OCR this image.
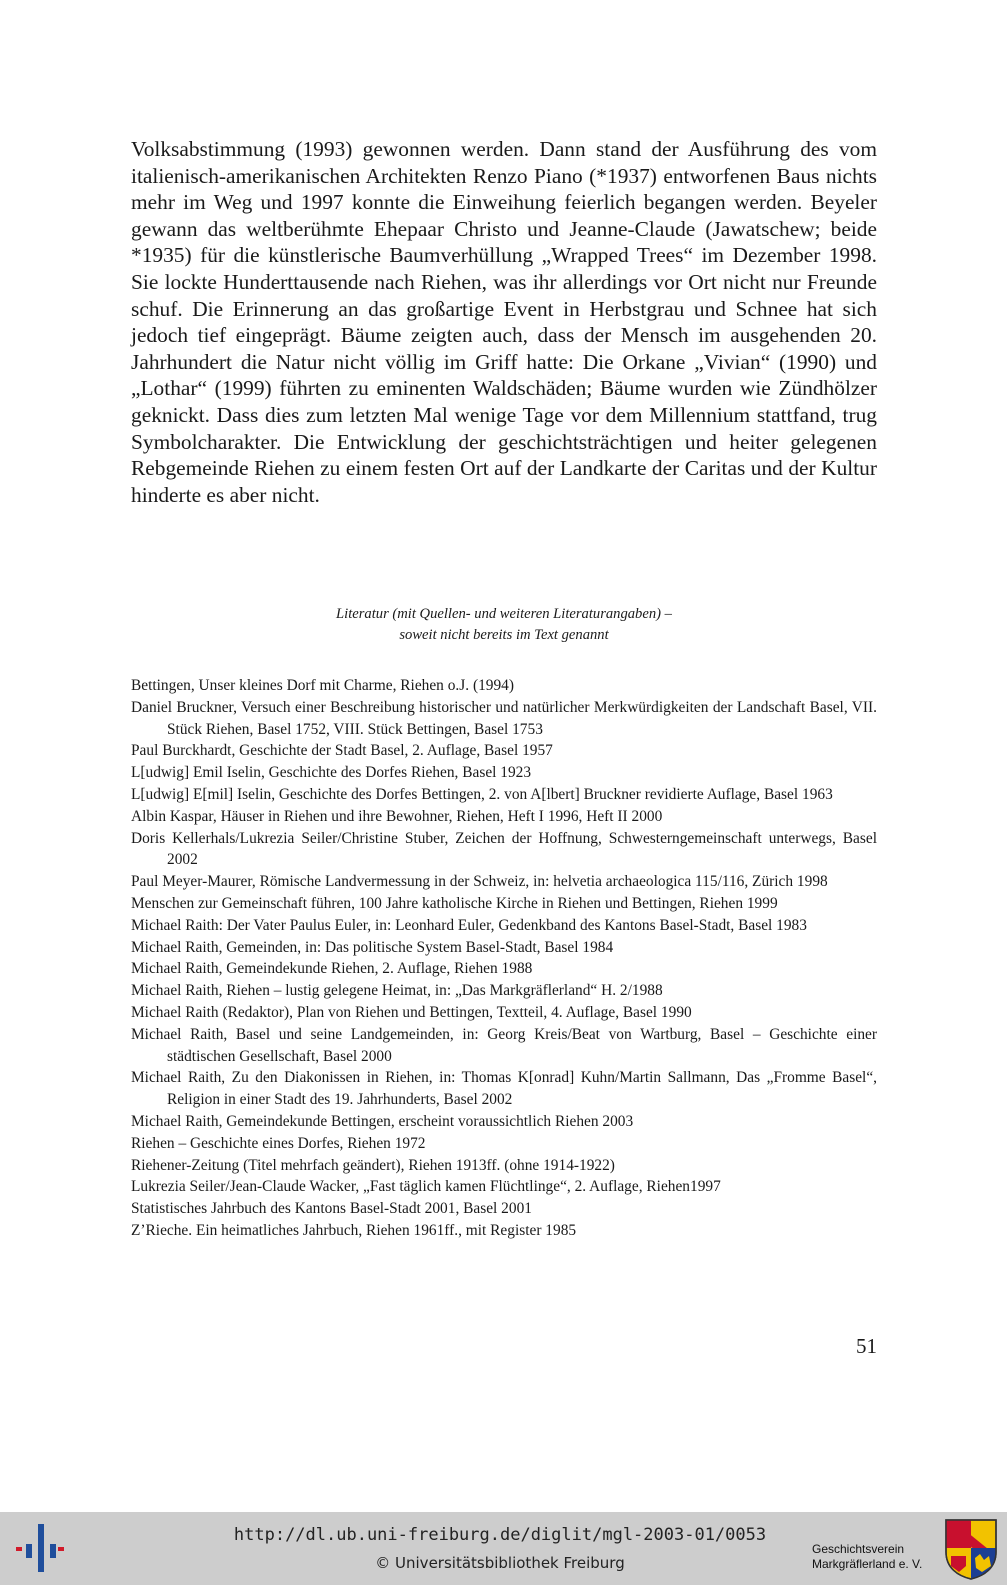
Volksabstimmung (1993) gewonnen werden. Dann stand der Ausführung des vom italienisch-amerikanischen Architekten Renzo Piano (*1937) entworfenen Baus nichts mehr im Weg und 1997 konnte die Einweihung feierlich begangen werden. Beyeler gewann das weltberühmte Ehepaar Christo und Jeanne-Claude (Jawatschew; beide *1935) für die künstlerische Baumverhüllung „Wrapped Trees“ im Dezember 1998. Sie lockte Hunderttausende nach Riehen, was ihr allerdings vor Ort nicht nur Freunde schuf. Die Erinnerung an das großartige Event in Herbstgrau und Schnee hat sich jedoch tief eingeprägt. Bäume zeigten auch, dass der Mensch im ausgehenden 20. Jahrhundert die Natur nicht völlig im Griff hatte: Die Orkane „Vivian“ (1990) und „Lothar“ (1999) führten zu eminenten Waldschäden; Bäume wurden wie Zündhölzer geknickt. Dass dies zum letzten Mal wenige Tage vor dem Millennium stattfand, trug Symbolcharakter. Die Entwicklung der geschichtsträchtigen und heiter gelegenen Rebgemeinde Riehen zu einem festen Ort auf der Landkarte der Caritas und der Kultur hinderte es aber nicht.

Literatur (mit Quellen- und weiteren Literaturangaben) –
soweit nicht bereits im Text genannt
Bettingen, Unser kleines Dorf mit Charme, Riehen o.J. (1994)
Daniel Bruckner, Versuch einer Beschreibung historischer und natürlicher Merkwürdigkeiten der Landschaft Basel, VII. Stück Riehen, Basel 1752, VIII. Stück Bettingen, Basel 1753
Paul Burckhardt, Geschichte der Stadt Basel, 2. Auflage, Basel 1957
L[udwig] Emil Iselin, Geschichte des Dorfes Riehen, Basel 1923
L[udwig] E[mil] Iselin, Geschichte des Dorfes Bettingen, 2. von A[lbert] Bruckner revidierte Auflage, Basel 1963
Albin Kaspar, Häuser in Riehen und ihre Bewohner, Riehen, Heft I 1996, Heft II 2000
Doris Kellerhals/Lukrezia Seiler/Christine Stuber, Zeichen der Hoffnung, Schwesterngemeinschaft unterwegs, Basel 2002
Paul Meyer-Maurer, Römische Landvermessung in der Schweiz, in: helvetia archaeologica 115/116, Zürich 1998
Menschen zur Gemeinschaft führen, 100 Jahre katholische Kirche in Riehen und Bettingen, Riehen 1999
Michael Raith: Der Vater Paulus Euler, in: Leonhard Euler, Gedenkband des Kantons Basel-Stadt, Basel 1983
Michael Raith, Gemeinden, in: Das politische System Basel-Stadt, Basel 1984
Michael Raith, Gemeindekunde Riehen, 2. Auflage, Riehen 1988
Michael Raith, Riehen – lustig gelegene Heimat, in: „Das Markgräflerland“ H. 2/1988
Michael Raith (Redaktor), Plan von Riehen und Bettingen, Textteil, 4. Auflage, Basel 1990
Michael Raith, Basel und seine Landgemeinden, in: Georg Kreis/Beat von Wartburg, Basel – Geschichte einer städtischen Gesellschaft, Basel 2000
Michael Raith, Zu den Diakonissen in Riehen, in: Thomas K[onrad] Kuhn/Martin Sallmann, Das „Fromme Basel“, Religion in einer Stadt des 19. Jahrhunderts, Basel 2002
Michael Raith, Gemeindekunde Bettingen, erscheint voraussichtlich Riehen 2003
Riehen – Geschichte eines Dorfes, Riehen 1972
Riehener-Zeitung (Titel mehrfach geändert), Riehen 1913ff. (ohne 1914-1922)
Lukrezia Seiler/Jean-Claude Wacker, „Fast täglich kamen Flüchtlinge“, 2. Auflage, Riehen1997
Statistisches Jahrbuch des Kantons Basel-Stadt 2001, Basel 2001
Z’Rieche. Ein heimatliches Jahrbuch, Riehen 1961ff., mit Register 1985
51
http://dl.ub.uni-freiburg.de/diglit/mgl-2003-01/0053
© Universitätsbibliothek Freiburg
Geschichtsverein
Markgräflerland e. V.
